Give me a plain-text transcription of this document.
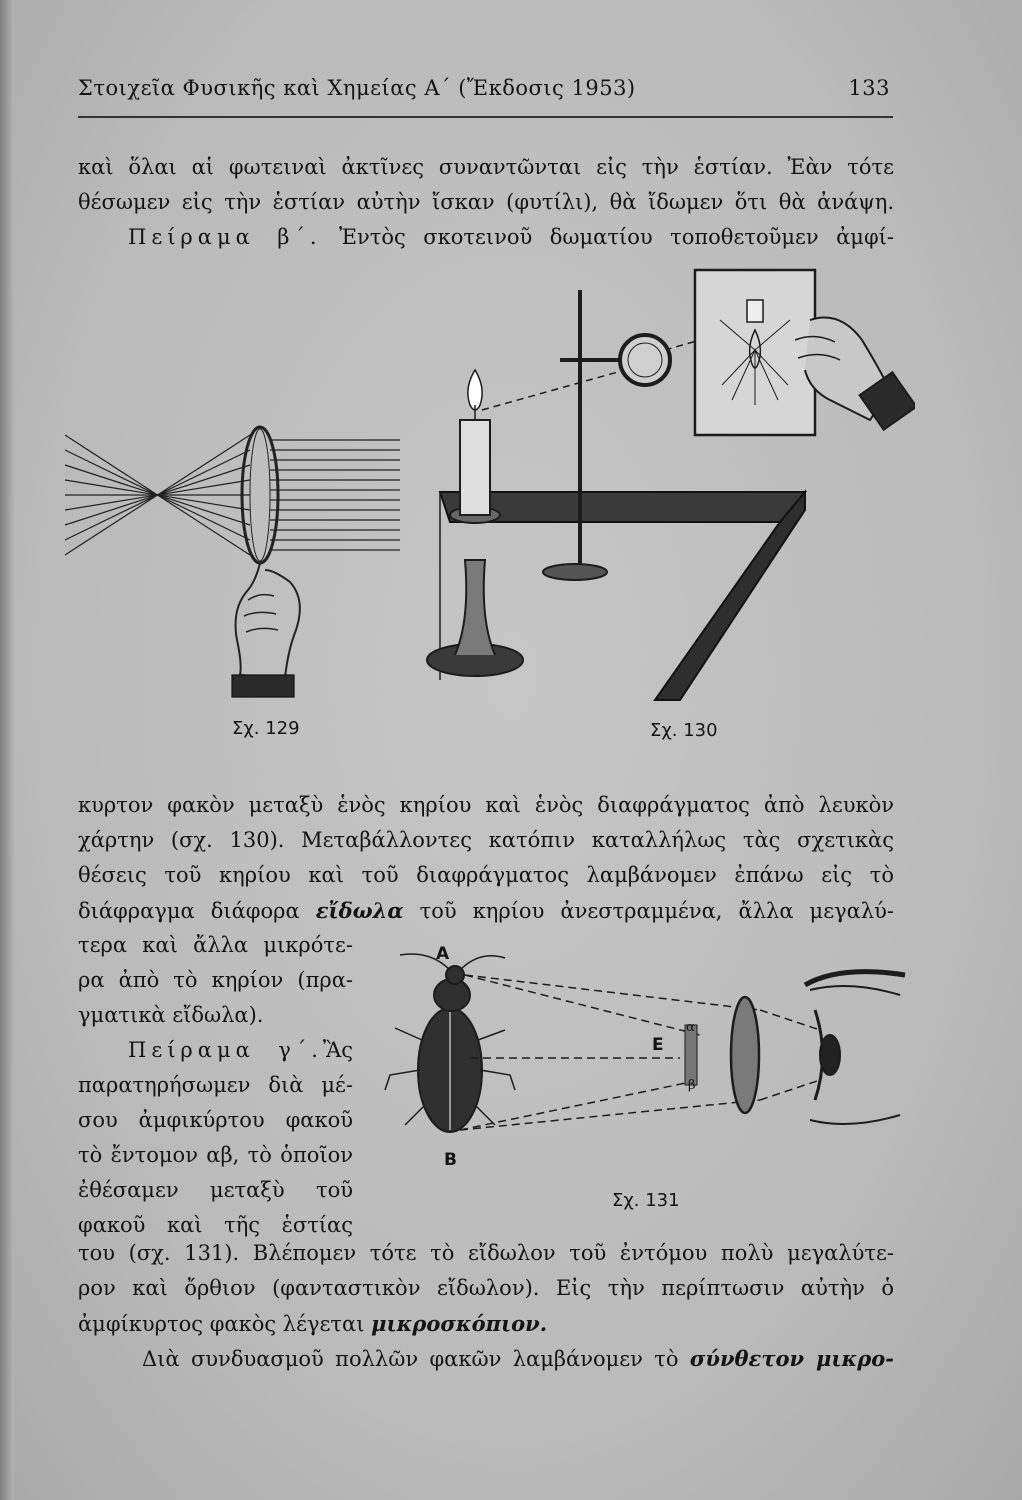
Στοιχεῖα Φυσικῆς καὶ Χημείας Α΄ (Ἔκδοσις 1953)	133
καὶ ὅλαι αἱ φωτειναὶ ἀκτῖνες συναντῶνται εἰς τὴν ἑστίαν. Ἐὰν τότε
θέσωμεν εἰς τὴν ἑστίαν αὐτὴν ἴσκαν (φυτίλι), θὰ ἴδωμεν ὅτι θὰ ἀνάψη.
Πείραμα β΄. Ἐντὸς σκοτεινοῦ δωματίου τοποθετοῦμεν ἀμφί-
Σχ. 129	Σχ. 130
κυρτον φακὸν μεταξὺ ἑνὸς κηρίου καὶ ἑνὸς διαφράγματος ἀπὸ λευκὸν
χάρτην (σχ. 130). Μεταβάλλοντες κατόπιν καταλλήλως τὰς σχετικὰς
θέσεις τοῦ κηρίου καὶ τοῦ διαφράγματος λαμβάνομεν ἐπάνω εἰς τὸ
διάφραγμα διάφορα εἴδωλα τοῦ κηρίου ἀνεστραμμένα, ἄλλα μεγαλύ-
τερα καὶ ἄλλα μικρότε-
ρα ἀπὸ τὸ κηρίον (πρα-
γματικὰ εἴδωλα).
Πείραμα γ΄.Ἂς
παρατηρήσωμεν διὰ μέ-
σου ἀμφικύρτου φακοῦ
τὸ ἔντομον αβ, τὸ ὁποῖον
ἐθέσαμεν μεταξὺ τοῦ
φακοῦ καὶ τῆς ἑστίας
A
B
E
α
β
Σχ. 131
του (σχ. 131). Βλέπομεν τότε τὸ εἴδωλον τοῦ ἐντόμου πολὺ μεγαλύτε-
ρον καὶ ὄρθιον (φανταστικὸν εἴδωλον). Εἰς τὴν περίπτωσιν αὐτὴν ὁ
ἀμφίκυρτος φακὸς λέγεται μικροσκόπιον.
Διὰ συνδυασμοῦ πολλῶν φακῶν λαμβάνομεν τὸ σύνθετον μικρο-
